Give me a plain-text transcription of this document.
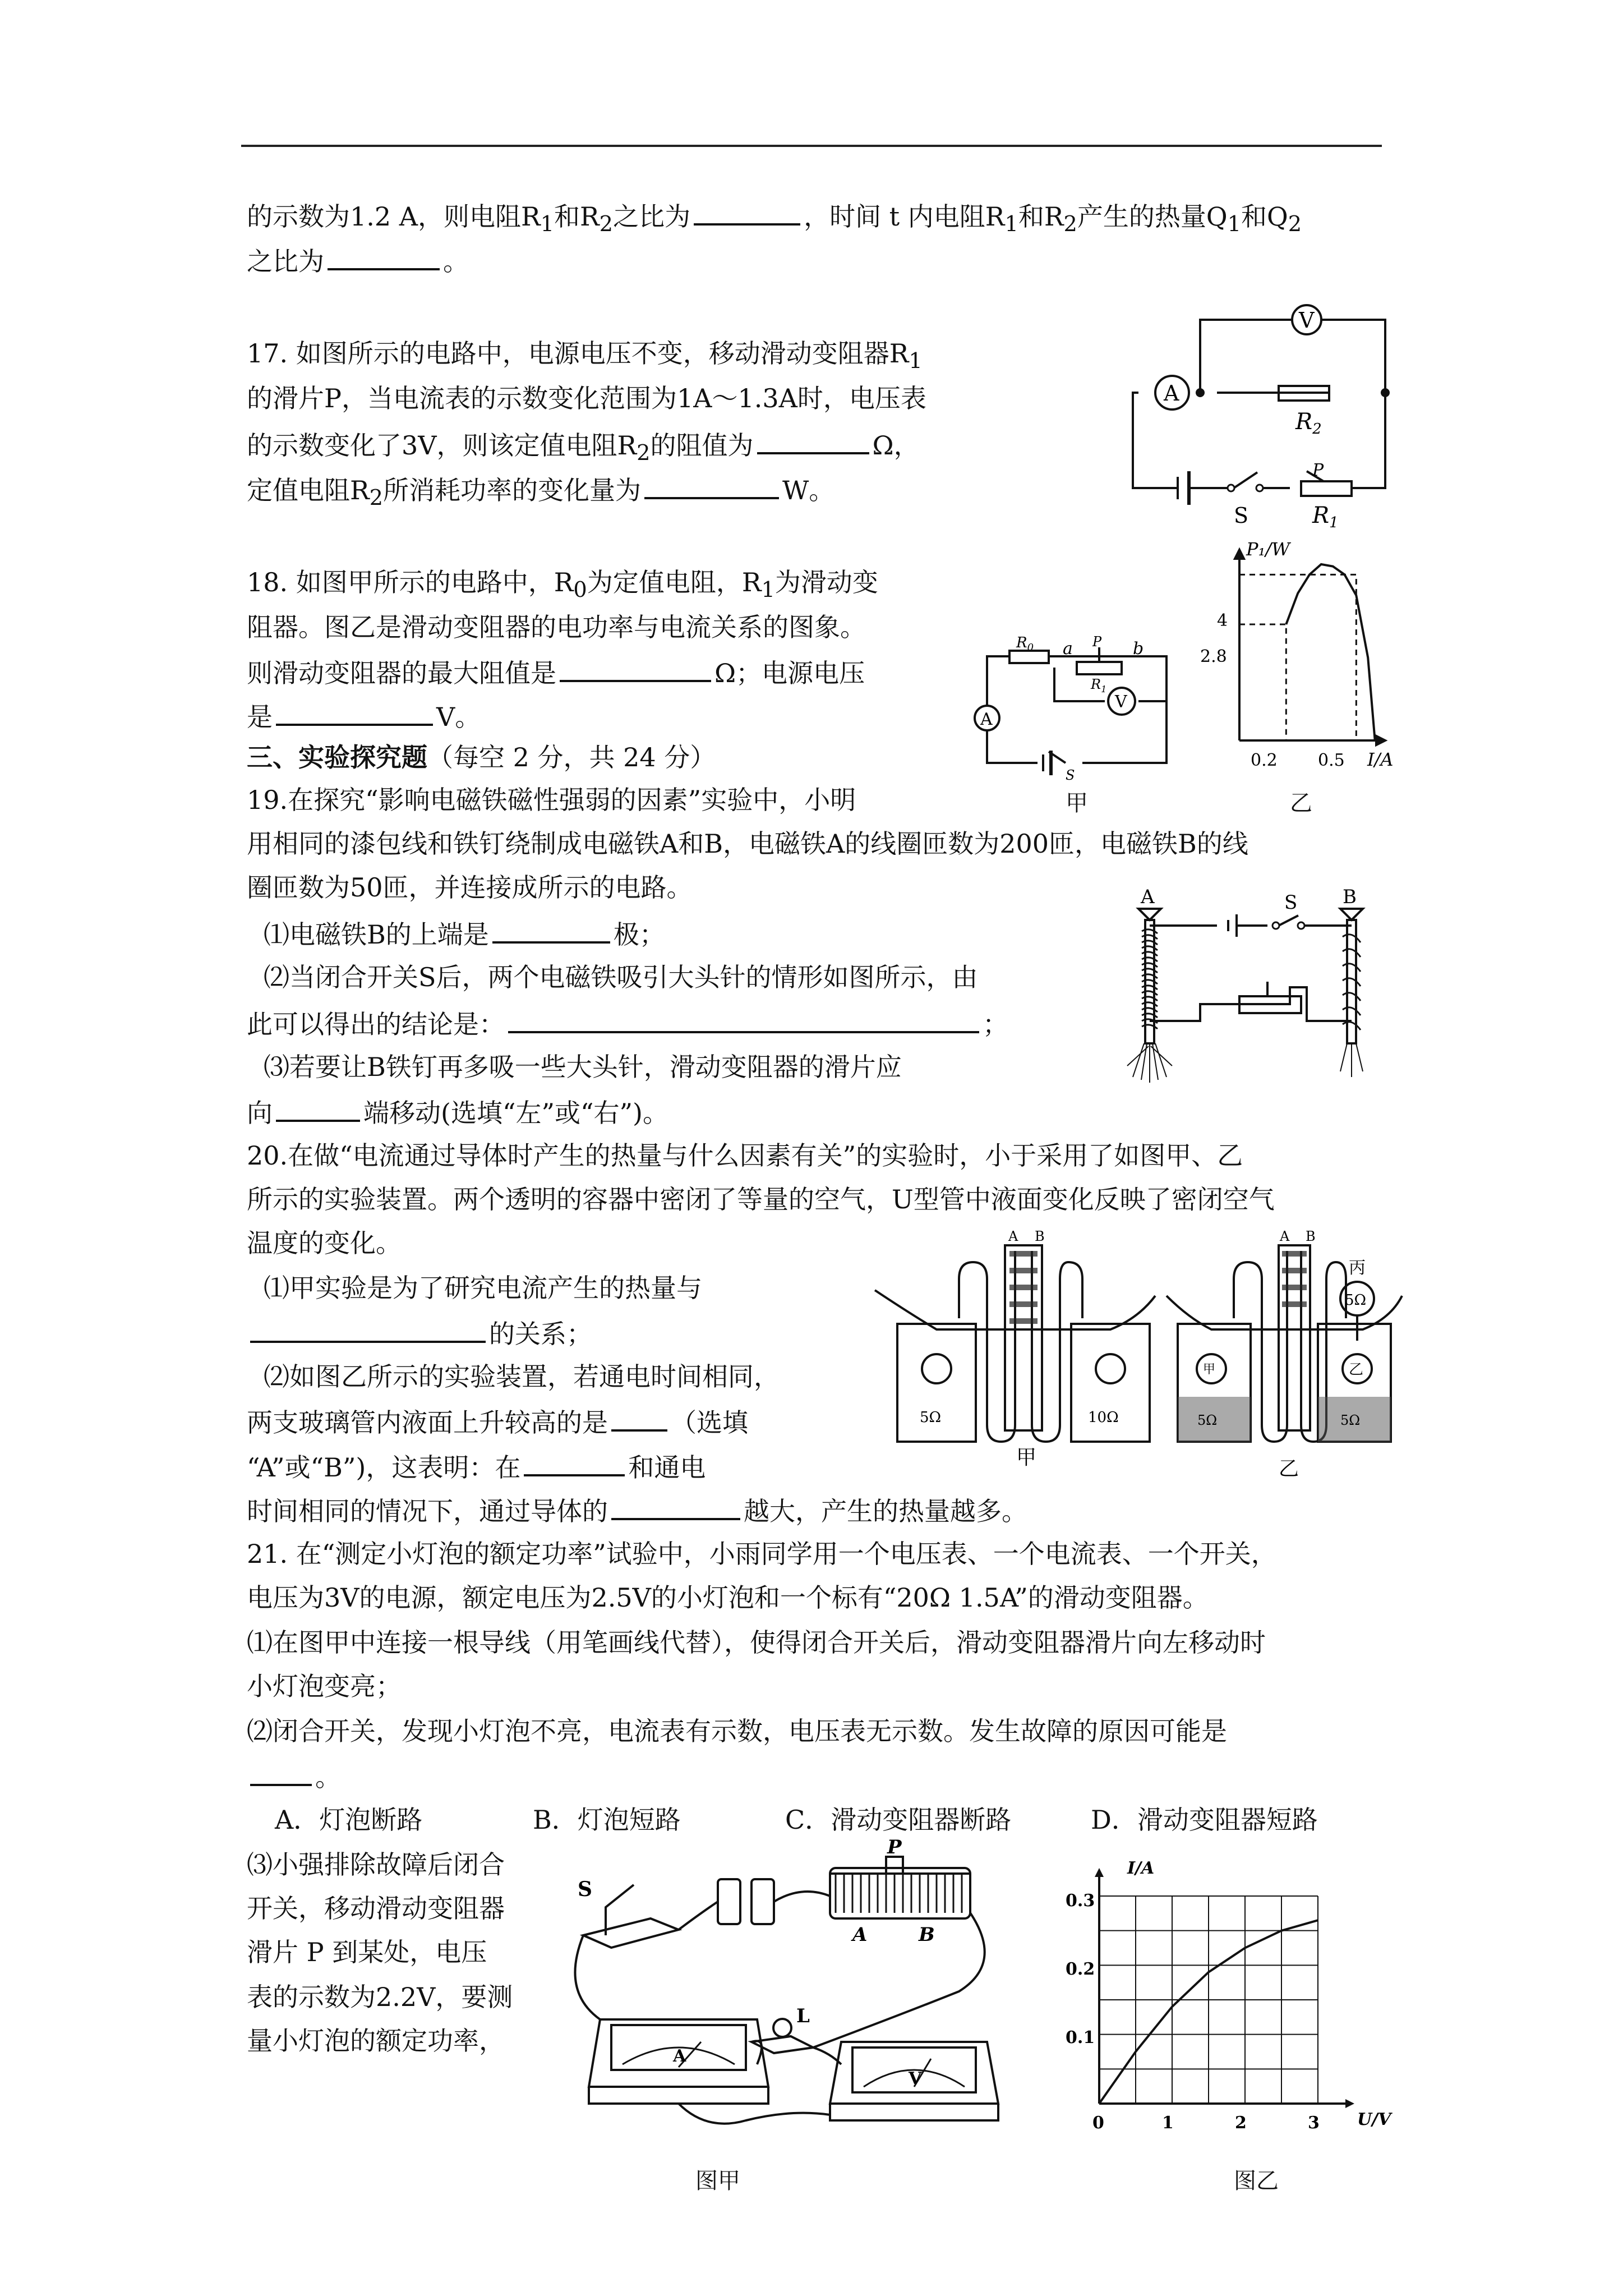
的示数为1.2 A，则电阻$R_1$和$R_2$之比为	，时间 t 内电阻$R_1$和$R_2$产生的热量$Q_1$和$Q_2$
之比为	。
17. 如图所示的电路中，电源电压不变，移动滑动变阻器$R_1$
的滑片P，当电流表的示数变化范围为1A～1.3A时，电压表
的示数变化了3V，则该定值电阻$R_2$的阻值为	Ω，
定值电阻$R_2$所消耗功率的变化量为	W。
V
A
$R_2$
$R_1$
S
P
18. 如图甲所示的电路中，$R_0$为定值电阻，$R_1$为滑动变
阻器。图乙是滑动变阻器的电功率与电流关系的图象。
则滑动变阻器的最大阻值是	Ω；电源电压
是	V。	A
V
$R_0$ a	b
P
$R_1$
S
甲
P₁/W
I/A
4
2.8
0.2 0.5
乙
三、实验探究题（每空 2 分，共 24 分）
19.在探究“影响电磁铁磁性强弱的因素”实验中，小明
用相同的漆包线和铁钉绕制成电磁铁A和B，电磁铁A的线圈匝数为200匝，电磁铁B的线
圈匝数为50匝，并连接成所示的电路。
⑴电磁铁B的上端是	极；
⑵当闭合开关S后，两个电磁铁吸引大头针的情形如图所示，由
此可以得出的结论是：	；
⑶若要让B铁钉再多吸一些大头针，滑动变阻器的滑片应
向	端移动(选填“左”或“右”)。
A	B
S
20.在做“电流通过导体时产生的热量与什么因素有关”的实验时，小于采用了如图甲、乙
所示的实验装置。两个透明的容器中密闭了等量的空气，U型管中液面变化反映了密闭空气
温度的变化。
⑴甲实验是为了研究电流产生的热量与
的关系；
⑵如图乙所示的实验装置，若通电时间相同，
两支玻璃管内液面上升较高的是 （选填
“A”或“B”)，这表明：在	和通电
时间相同的情况下，通过导体的	越大，产生的热量越多。
A B	A B
5Ω	10Ω
甲	乙
5Ω	5Ω
5Ω
丙
甲	乙
21. 在“测定小灯泡的额定功率”试验中，小雨同学用一个电压表、一个电流表、一个开关，
电压为3V的电源，额定电压为2.5V的小灯泡和一个标有“20Ω 1.5A”的滑动变阻器。
⑴在图甲中连接一根导线（用笔画线代替），使得闭合开关后，滑动变阻器滑片向左移动时
小灯泡变亮；
⑵闭合开关，发现小灯泡不亮，电流表有示数，电压表无示数。发生故障的原因可能是
。
A．灯泡断路	B．灯泡短路	C．滑动变阻器断路	D．滑动变阻器短路
⑶小强排除故障后闭合
开关，移动滑动变阻器
滑片 P 到某处，电压
表的示数为2.2V，要测
量小灯泡的额定功率，
S
P
A	B
L
A
V
图甲
I/A
U/V
0	1	2	3
0.1
0.2
0.3
图乙
